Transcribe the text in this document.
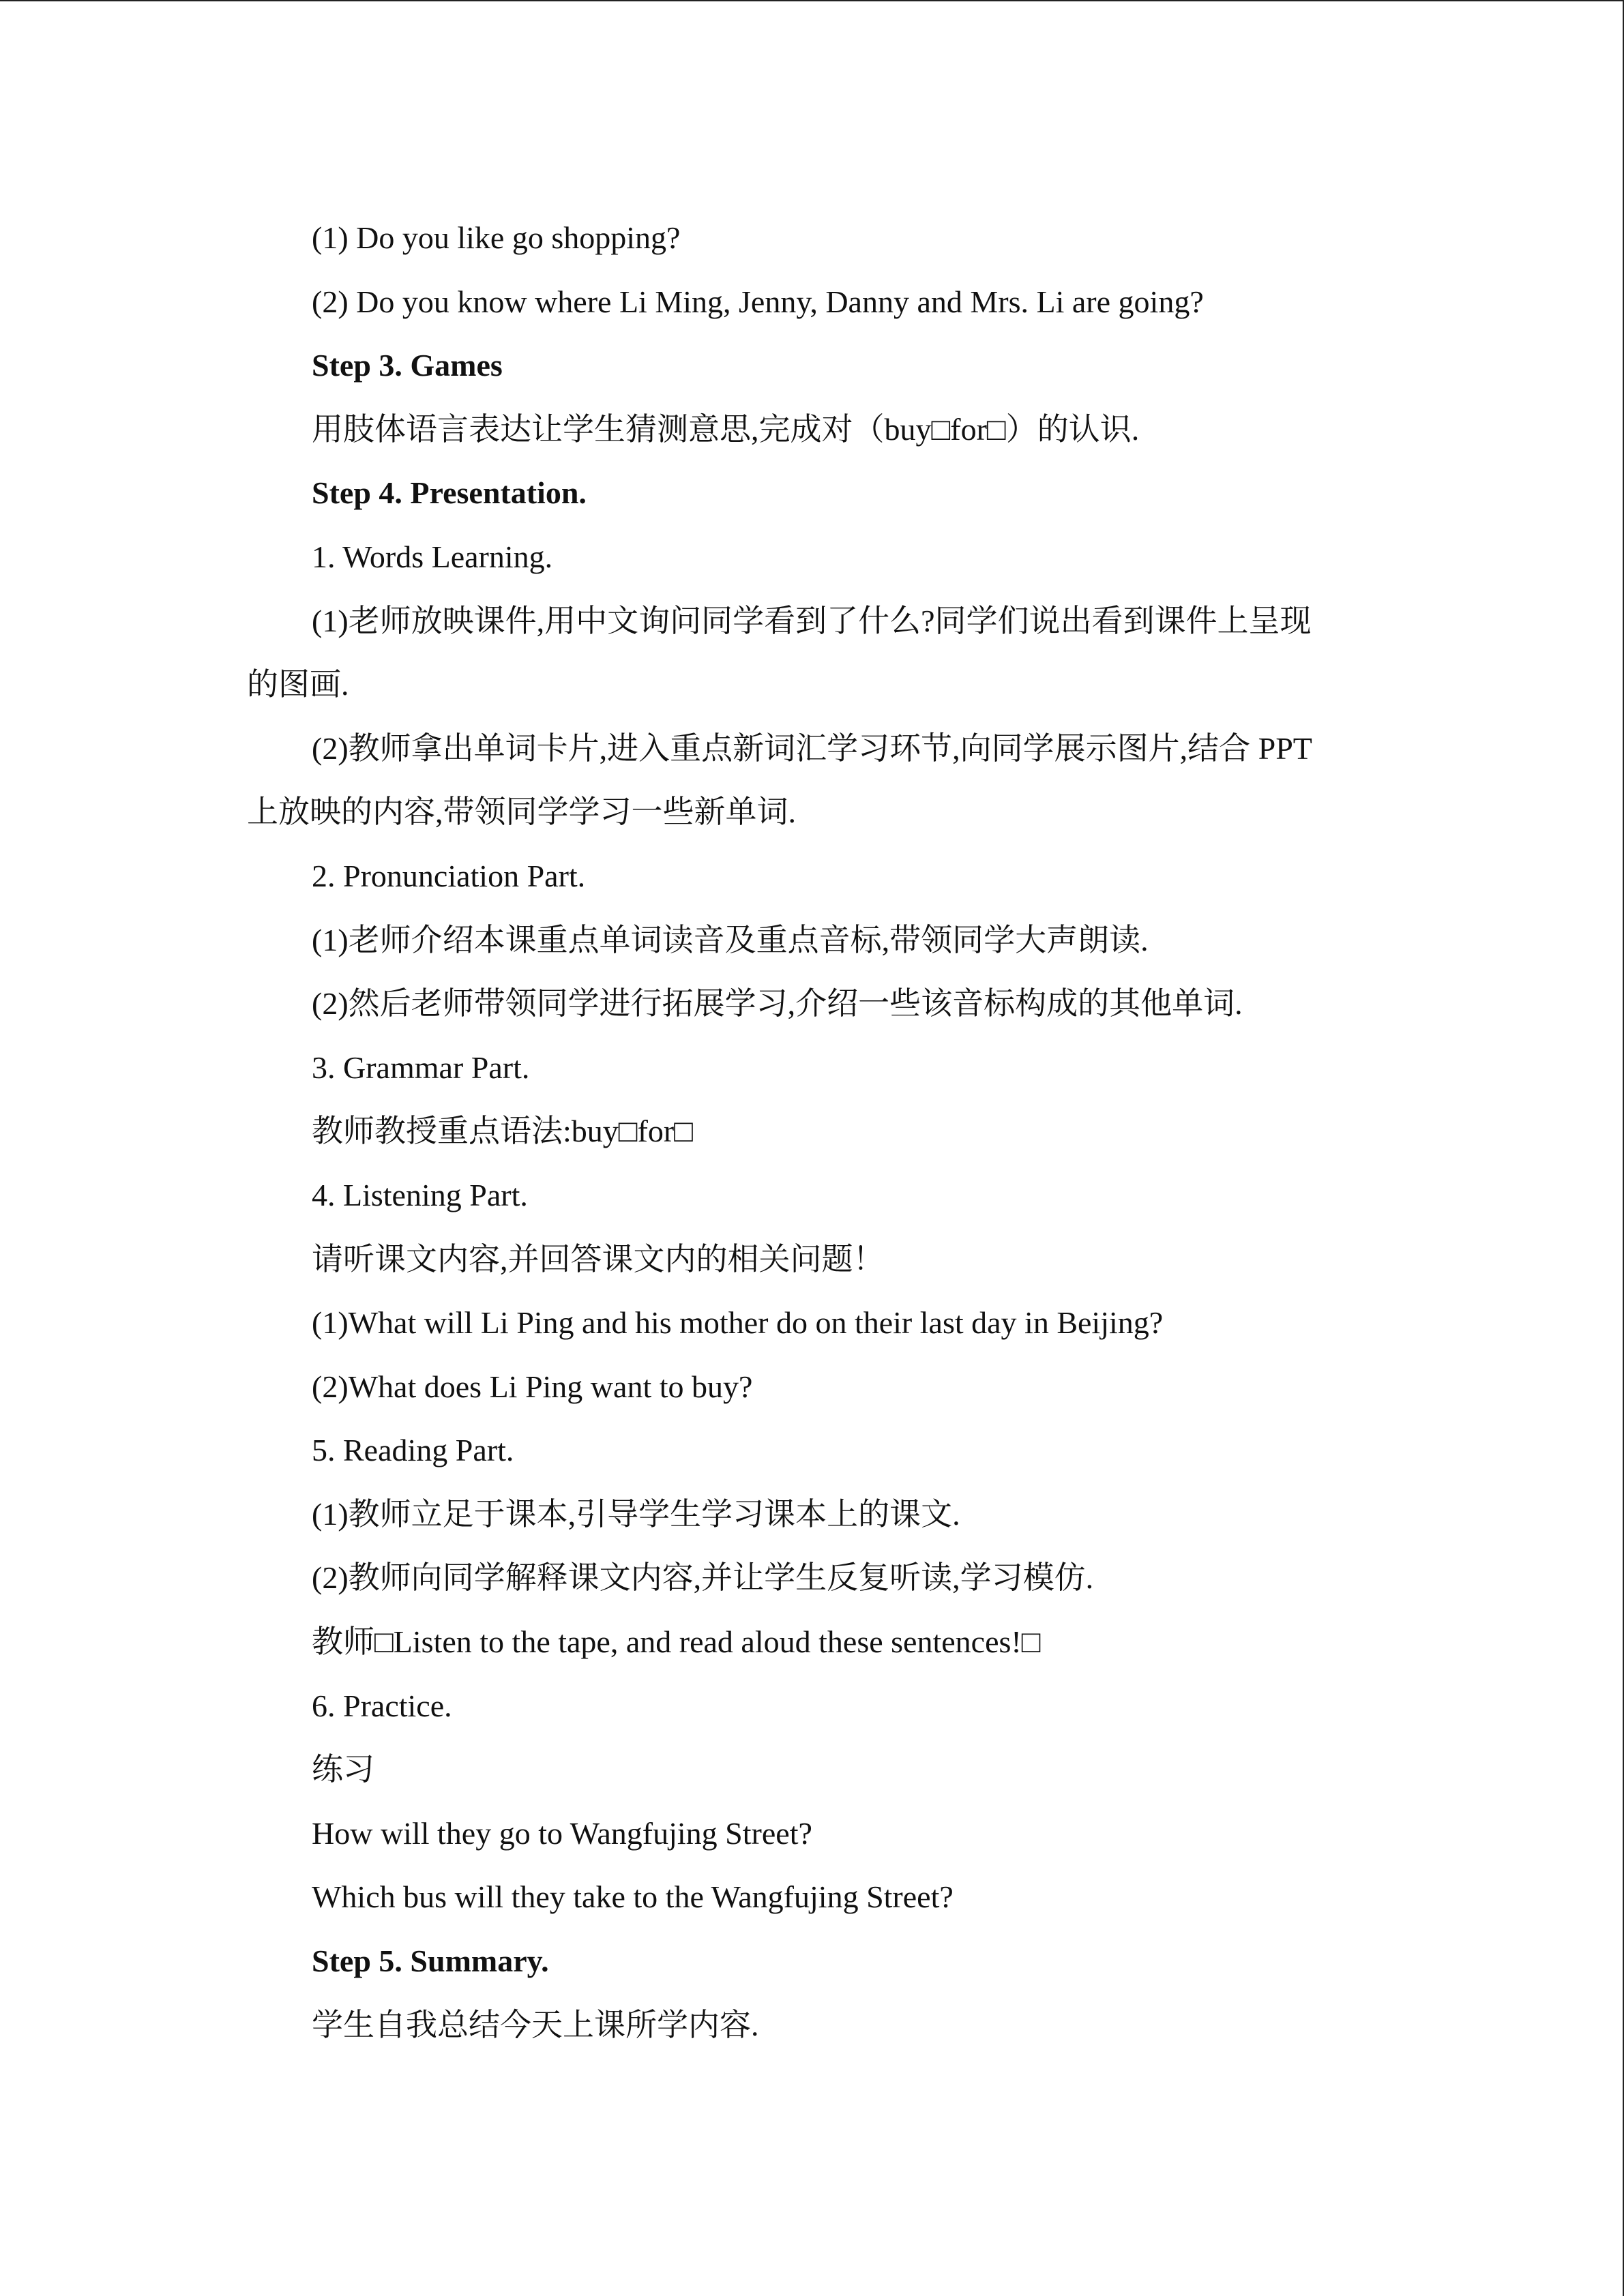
(1) Do you like go shopping?

(2) Do you know where Li Ming, Jenny, Danny and Mrs. Li are going?

Step 3. Games

用肢体语言表达让学生猜测意思,完成对（buy□for□）的认识.

Step 4. Presentation.

1. Words Learning.

(1)老师放映课件,用中文询问同学看到了什么?同学们说出看到课件上呈现

的图画.

(2)教师拿出单词卡片,进入重点新词汇学习环节,向同学展示图片,结合 PPT

上放映的内容,带领同学学习一些新单词.

2. Pronunciation Part.

(1)老师介绍本课重点单词读音及重点音标,带领同学大声朗读.

(2)然后老师带领同学进行拓展学习,介绍一些该音标构成的其他单词.

3. Grammar Part.

教师教授重点语法:buy□for□

4. Listening Part.

请听课文内容,并回答课文内的相关问题！

(1)What will Li Ping and his mother do on their last day in Beijing?

(2)What does Li Ping want to buy?

5. Reading Part.

(1)教师立足于课本,引导学生学习课本上的课文.

(2)教师向同学解释课文内容,并让学生反复听读,学习模仿.

教师□Listen to the tape, and read aloud these sentences!□

6. Practice.

练习

How will they go to Wangfujing Street?

Which bus will they take to the Wangfujing Street?

Step 5. Summary.

学生自我总结今天上课所学内容.
